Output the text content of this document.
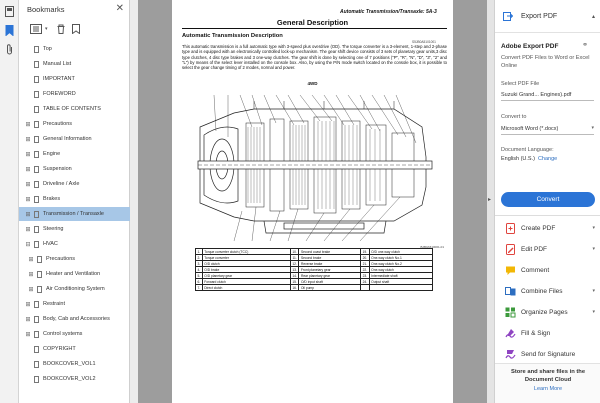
Bookmarks	✕
▾
Top
Manual List
IMPORTANT
FOREWORD
TABLE OF CONTENTS
⊞ Precautions
⊞ General Information
⊞ Engine
⊞ Suspension
⊞ Driveline / Axle
⊞ Brakes
⊞ Transmission / Transaxle
⊞ Steering
⊟ HVAC
⊞ Precautions
⊞ Heater and Ventilation
⊞ Air Conditioning System
⊞ Restraint
⊞ Body, Cab and Accessories
⊞ Control systems
COPYRIGHT
BOOKCOVER_VOL1
BOOKCOVER_VOL2
Automatic Transmission/Transaxle: 5A-3
General Description
Automatic Transmission Description
S5JB0A5101001
This automatic transmission is a full automatic type with 3-speed plus overdrive (OD). The torque converter is a 3-element, 1-step and 2-phase type and is equipped with an electronically controlled lock-up mechanism. The gear shift device consists of 3 sets of planetary gear units,3 disc type clutches, 4 disc type brakes and 3 one-way clutches. The gear shift is done by selecting one of 7 positions ("P", "R", "N", "D", "3", "2" and "L") by means of the select lever installed on the console box. Also, by using the P/N mode switch located on the console box, it is possible to select the gear change timing of 2 modes, normal and power.
4WD
I5JB0A510001-01
1.	Torque converter clutch (TCC)	10.	Second coast brake	19.	O/D one-way clutch
2.	Torque converter	11.	Second brake	20.	One-way clutch No.1
3.	O/D clutch	12.	Reverse brake	21.	One-way clutch No.2
4.	O/D brake	13.	Front planetary gear	22.	One-way clutch
5.	O/D planetary gear	14.	Rear planetary gear	23.	Intermediate shaft
6.	Forward clutch	15.	O/D input shaft	24.	Output shaft
7.	Direct clutch	16.	Oil pump		
▸
Export PDF	▴
Adobe Export PDF	⚭
Convert PDF Files to Word or Excel Online
Select PDF File
Suzuki Grand... Engines).pdf
Convert to
Microsoft Word (*.docx)	▾
Document Language:
English (U.S.) Change
Convert
Create PDF	▾
Edit PDF	▾
Comment
Combine Files	▾
Organize Pages	▾
Fill & Sign
Send for Signature
Store and share files in the Document Cloud
Learn More
